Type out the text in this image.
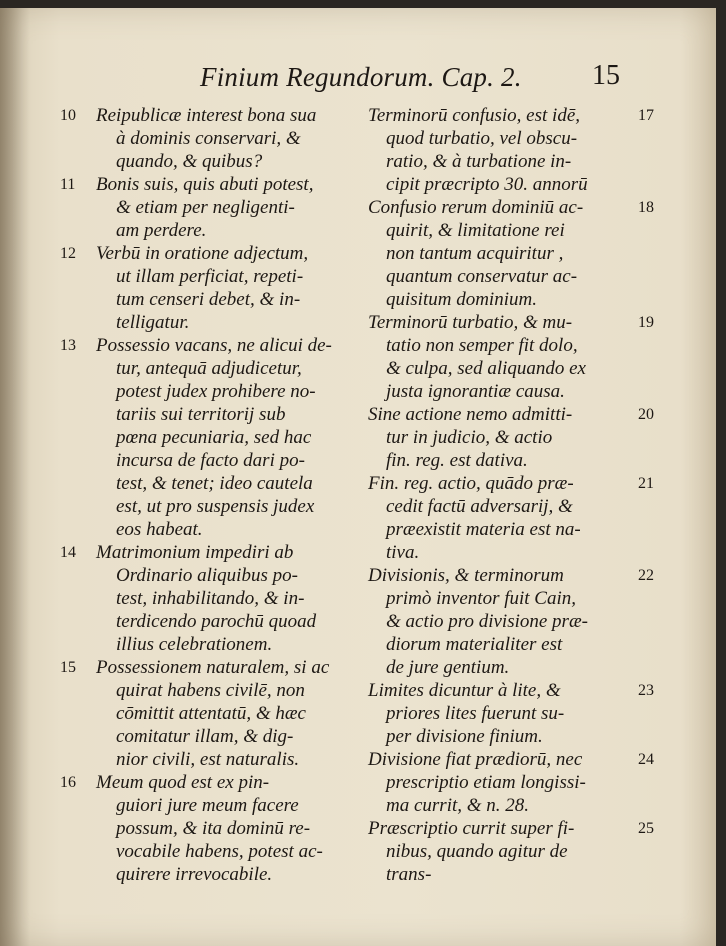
Finium Regundorum. Cap. 2.	15
10	Reipublicæ interest bona sua
à dominis conservari, &
quando, & quibus?
11	Bonis suis, quis abuti potest,
& etiam per negligenti-
am perdere.
12	Verbū in oratione adjectum,
ut illam perficiat, repeti-
tum censeri debet, & in-
telligatur.
13	Possessio vacans, ne alicui de-
tur, antequā adjudicetur,
potest judex prohibere no-
tariis sui territorij sub
pœna pecuniaria, sed hac
incursa de facto dari po-
test, & tenet; ideo cautela
est, ut pro suspensis judex
eos habeat.
14	Matrimonium impediri ab
Ordinario aliquibus po-
test, inhabilitando, & in-
terdicendo parochū quoad
illius celebrationem.
15	Possessionem naturalem, si ac
quirat habens civilē, non
cōmittit attentatū, & hæc
comitatur illam, & dig-
nior civili, est naturalis.
16	Meum quod est ex pin-
guiori jure meum facere
possum, & ita dominū re-
vocabile habens, potest ac-
quirere irrevocabile.
17
Terminorū confusio, est idē,
quod turbatio, vel obscu-
ratio, & à turbatione in-
cipit præcripto 30. annorū
18
Confusio rerum dominiū ac-
quirit, & limitatione rei
non tantum acquiritur ,
quantum conservatur ac-
quisitum dominium.
19
Terminorū turbatio, & mu-
tatio non semper fit dolo,
& culpa, sed aliquando ex
justa ignorantiæ causa.
20
Sine actione nemo admitti-
tur in judicio, & actio
fin. reg. est dativa.
21
Fin. reg. actio, quādo præ-
cedit factū adversarij, &
præexistit materia est na-
tiva.
22
Divisionis, & terminorum
primò inventor fuit Cain,
& actio pro divisione præ-
diorum materialiter est
de jure gentium.
23
Limites dicuntur à lite, &
priores lites fuerunt su-
per divisione finium.
24
Divisione fiat prædiorū, nec
prescriptio etiam longissi-
ma currit, & n. 28.
25
Præscriptio currit super fi-
nibus, quando agitur de
trans-
